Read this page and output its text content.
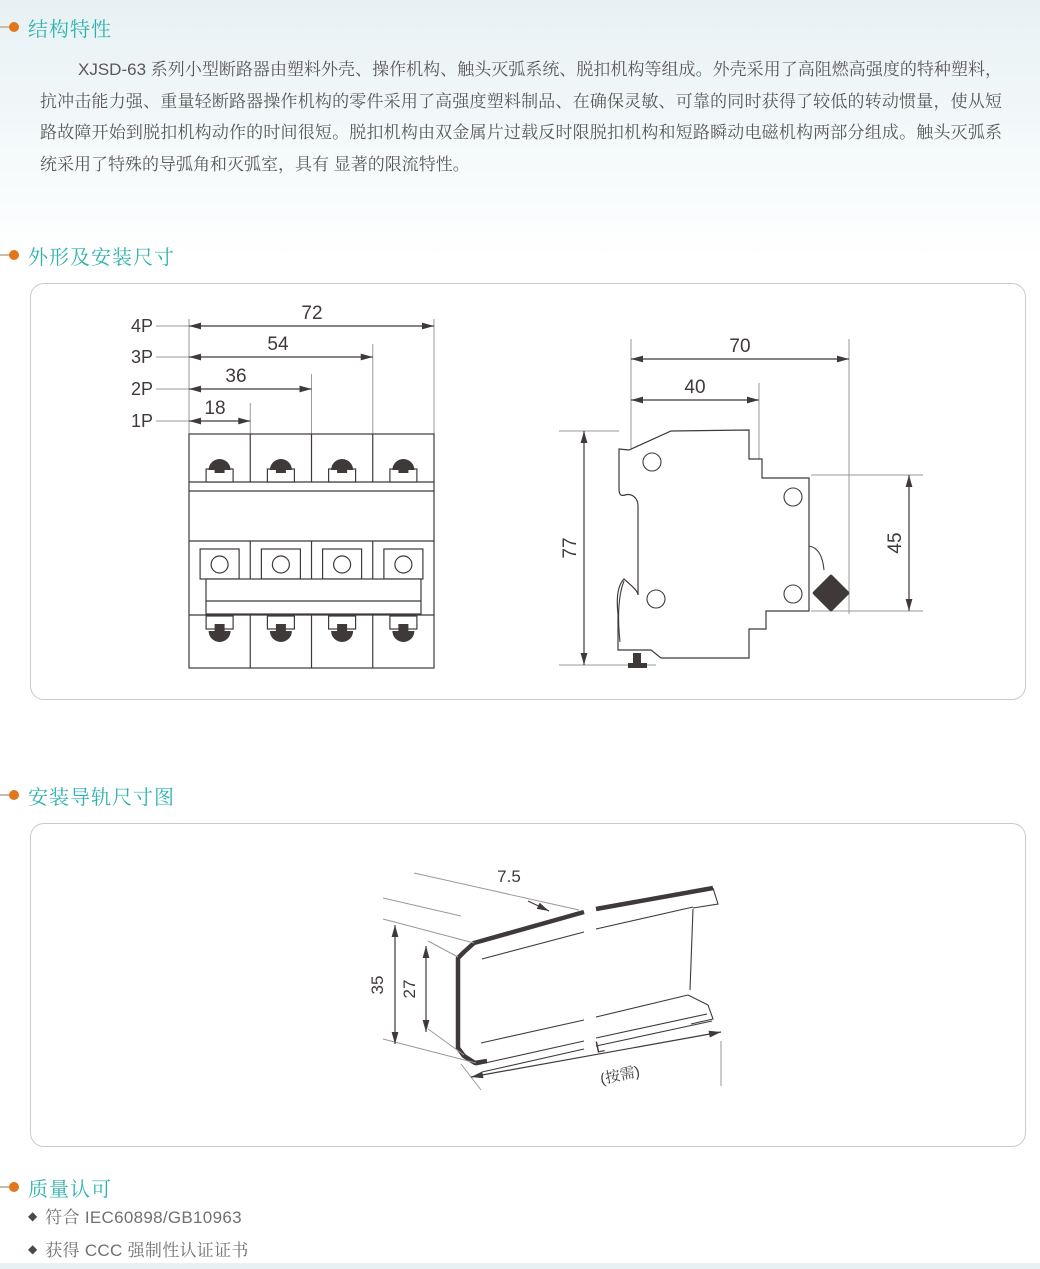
结构特性
XJSD-63 系列小型断路器由塑料外壳、操作机构、触头灭弧系统、脱扣机构等组成。外壳采用了高阻燃高强度的特种塑料，抗冲击能力强、重量轻断路器操作机构的零件采用了高强度塑料制品、在确保灵敏、可靠的同时获得了较低的转动惯量，使从短路故障开始到脱扣机构动作的时间很短。脱扣机构由双金属片过载反时限脱扣机构和短路瞬动电磁机构两部分组成。触头灭弧系统采用了特殊的导弧角和灭弧室，具有 显著的限流特性。
外形及安装尺寸
72
54
36
18
4P
3P
2P
1P
70
40
77	45
安装导轨尺寸图
7.5
35 27
L
(按需)
质量认可
◆ 符合 IEC60898/GB10963
◆ 获得 CCC 强制性认证证书
